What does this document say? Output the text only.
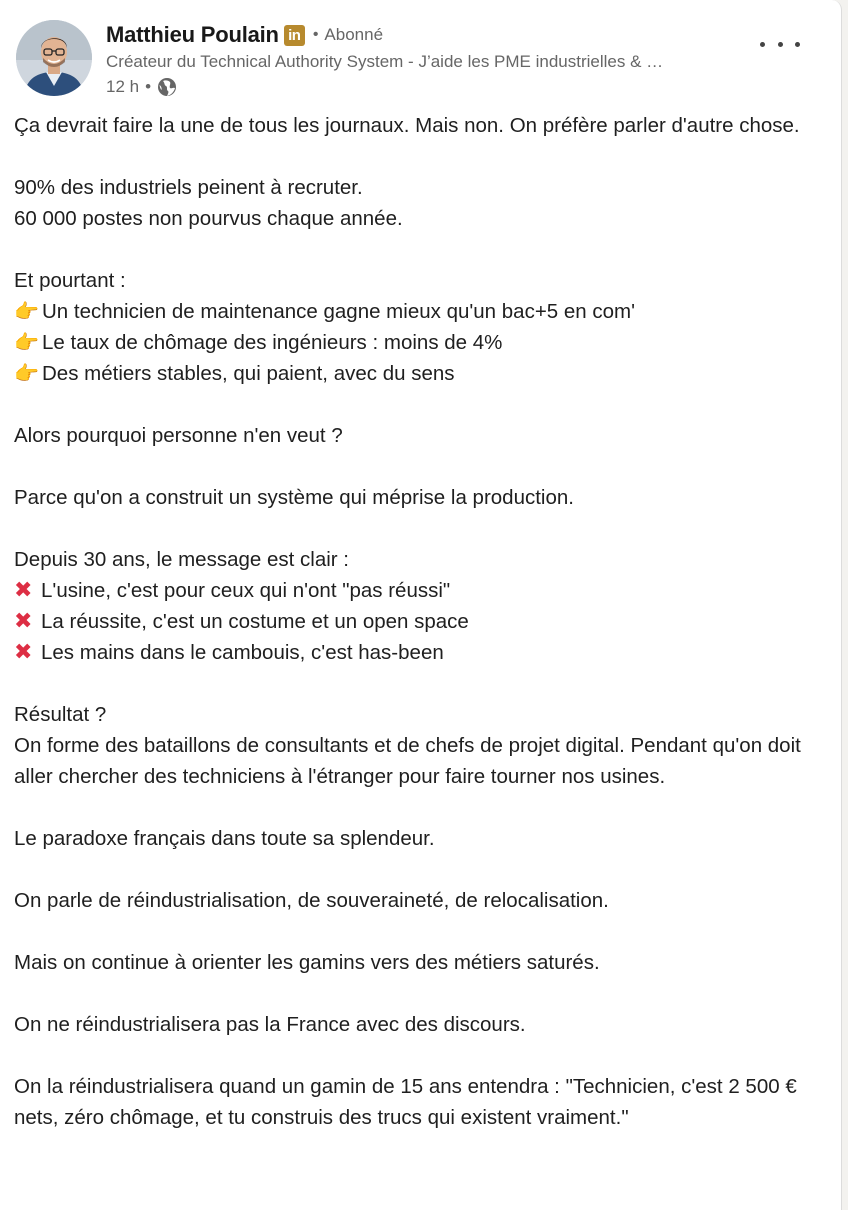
Matthieu Poulain in • Abonné
Créateur du Technical Authority System - J’aide les PME industrielles & …
12 h •

Ça devrait faire la une de tous les journaux. Mais non. On préfère parler d'autre chose.

90% des industriels peinent à recruter.

60 000 postes non pourvus chaque année.

Et pourtant :

👉 Un technicien de maintenance gagne mieux qu'un bac+5 en com'

👉 Le taux de chômage des ingénieurs : moins de 4%

👉 Des métiers stables, qui paient, avec du sens

Alors pourquoi personne n'en veut ?

Parce qu'on a construit un système qui méprise la production.

Depuis 30 ans, le message est clair :

✖ L'usine, c'est pour ceux qui n'ont "pas réussi"

✖ La réussite, c'est un costume et un open space

✖ Les mains dans le cambouis, c'est has-been

Résultat ?

On forme des bataillons de consultants et de chefs de projet digital. Pendant qu'on doit aller chercher des techniciens à l'étranger pour faire tourner nos usines.

Le paradoxe français dans toute sa splendeur.

On parle de réindustrialisation, de souveraineté, de relocalisation.

Mais on continue à orienter les gamins vers des métiers saturés.

On ne réindustrialisera pas la France avec des discours.

On la réindustrialisera quand un gamin de 15 ans entendra : "Technicien, c'est 2 500 € nets, zéro chômage, et tu construis des trucs qui existent vraiment."
